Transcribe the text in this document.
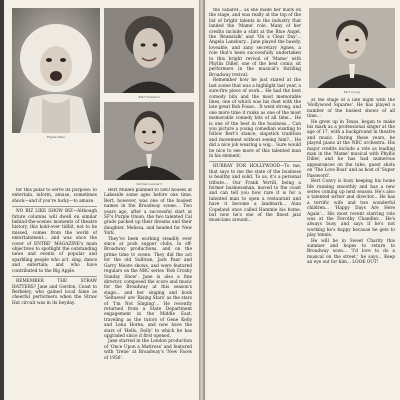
Phyllis Diller
Beth Howland
Norman Leonard

for this pillar to serve its purpose: to entertain, inform, amuse, sometimes shock—and if you're lucky—to amaze.

NO BIZ LIKE SHOW BIZ—Although future columns will dwell on similar behind-the-scenes moments of theatre history, this hold-over tidbit, not to be missed, comes from the world of entertainment... and was once the cover of ENTRE' MAGAZINE's main objectives to spotlight the outstanding news and events of popular and sparkling people who act, sing, dance and entertain; and who have contributed to the Big Apple.

REMEMBER THE STRAW HATTERS? Jane and Gordon, Coast to Berkeley, who gained local fame as cheerful performers when the Straw Hat circuit was in its heyday.

Bert Mullen planned to SRO houses at Lakeside some ages before one time, Bert, however, was one of the busiest names in the Broadway scene... Two years ago, after a successful start at SF's Purple Onion, the two talented Cal grads packed up their dreams and their daughter, Melissa, and headed for New York.

They've been working steadily ever since at posh supper clubs, in off-Broadway productions, and on the prime time tv scene. They did the act for the old Sullivan, Jack Paar and Garry Moore shows, and were featured regulars on the NBC series 'Bob Crosby Sunday Show'. Jane is also a fine director, composed the score and music for the Broadway at this season's stage... and her singing and book 'Seltaevel' are 'Rising Stars' as the stars of 'I'm Not Singing'... He recently returned from a State Department engagement in the Middle East, traveling as the tutors of Gene Kelly and Lena Horne, and now have the stars of 'Hello, Dolly' to which he has upgraded since it first opened.

Jane starred in the London production of 'Once Upon a Mattress' and featured with 'Irene' at Broadway's 'New Faces of 1956'.

the cabaret... as she made her mark on the stage, and was really at the top of the list of bright talents in the industry that landed the 'Mame' role. Many of her credits include a stint at the Blue Angel, the 'Beanstalk' and 'On a Clear Day'... Angela Lansbury... Jane played the bawdy, loveable, and zany secretary Agnes, a role that's been successfully undertaken to this bright revival of 'Mame' with Phyllis Diller, one of the best comic sit performers in the musical's thrilling Broadway revival.

Remember how he just stared at the last scene that was a highlight last year, a sure-fire piece of work... He had the best comedy bits and the most memorable lines, one of which was his duet with the late great Bob Fosse... It went strong, and one more time it ranks as one of the most memorable comedy bits of all time... He is one of the best in the business... Can you picture a young comedian wanting to follow Bert's stance, slapstick tradition and movement without seeing him?... He did a nice job wearing a wig... Sure would be nice to see more of this talented man in his element.

HURRAY FOR HOLLYWOOD—To me, that says to me the state of the business is healthy and solid. To us, it's a personal tribute... Our Frank Yerrill, being a former businessman, moved to the coast and can tell you how rare it is for a talented man to open a restaurant and have it become a landmark... Alan Copeland once called Hammie his home, but now he's one of the finest jazz musicians around...

Bert Convy

at the stage of a late night with the 'Hollywood Squares'. He has played a number of the busiest shows of all time...

He grew up in Texas, began to make his mark as a professional singer at the age of 17, with a background in theatre and music. During these years, he played piano at the NBC orchestra. His major credits include a role as leading man in the 'Mame' musical with Phyllis Diller, and he has had numerous appearances on the tube, guest shots on 'The Love Boat' and as host of 'Super Password'.

Bert Convy is busy keeping his home life running smoothly and has a new series coming up next season. He's also a talented writer and director... He has a terrific wife and two wonderful children... 'Happy Days Are Here Again'... His most recent starring role was at the Dorothy Chandler... He's always busy and says if he's not working he's happy because he gets to play tennis.

He will be in Sweet Charity this summer and hopes to return to Broadway soon... 'I'd love to do a musical on the street,' he says... Keep an eye out for him... LOOK OUT!
